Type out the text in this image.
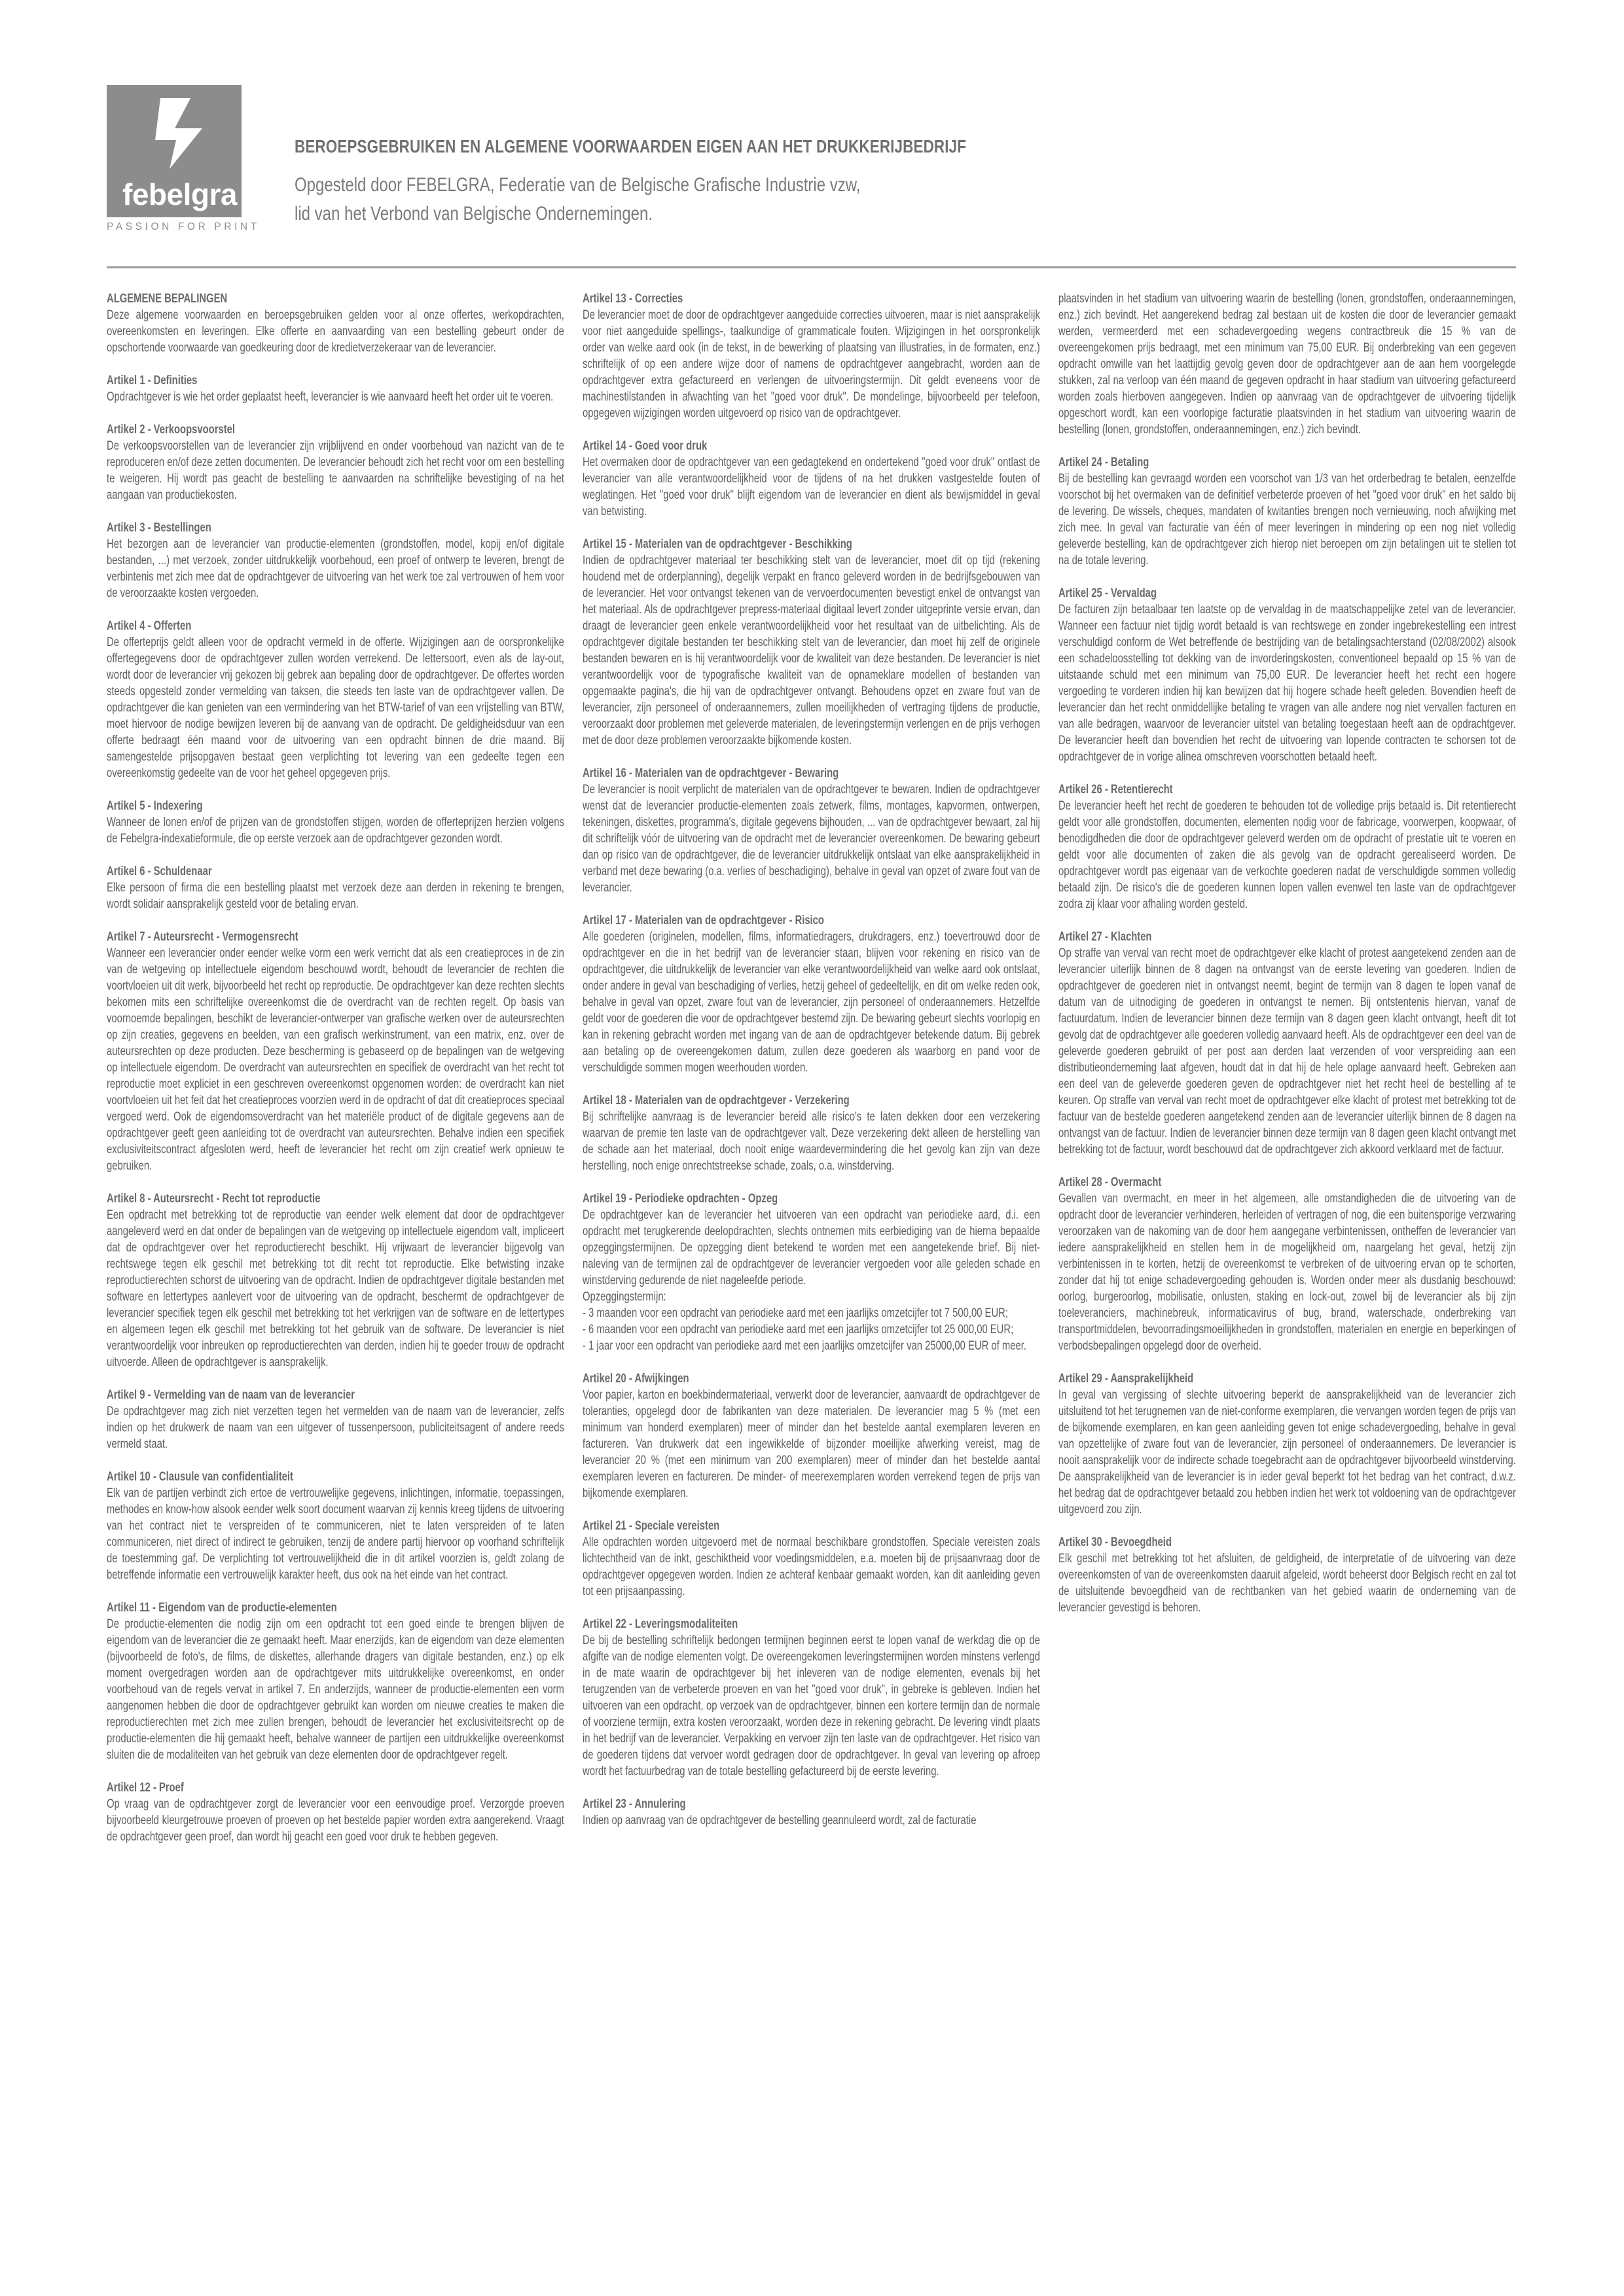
febelgra
PASSION FOR PRINT
BEROEPSGEBRUIKEN EN ALGEMENE VOORWAARDEN EIGEN AAN HET DRUKKERIJBEDRIJF
Opgesteld door FEBELGRA, Federatie van de Belgische Grafische Industrie vzw,
lid van het Verbond van Belgische Ondernemingen.
ALGEMENE BEPALINGEN

Deze algemene voorwaarden en beroepsgebruiken gelden voor al onze offertes, werkopdrachten, overeenkomsten en leveringen. Elke offerte en aanvaarding van een bestelling gebeurt onder de opschortende voorwaarde van goedkeuring door de kredietverzekeraar van de leverancier.

Artikel 1 - Definities

Opdrachtgever is wie het order geplaatst heeft, leverancier is wie aanvaard heeft het order uit te voeren.

Artikel 2 - Verkoopsvoorstel

De verkoopsvoorstellen van de leverancier zijn vrijblijvend en onder voorbehoud van nazicht van de te reproduceren en/of deze zetten documenten. De leverancier behoudt zich het recht voor om een bestelling te weigeren. Hij wordt pas geacht de bestelling te aanvaarden na schriftelijke bevestiging of na het aangaan van productiekosten.

Artikel 3 - Bestellingen

Het bezorgen aan de leverancier van productie-elementen (grondstoffen, model, kopij en/of digitale bestanden, ...) met verzoek, zonder uitdrukkelijk voorbehoud, een proef of ontwerp te leveren, brengt de verbintenis met zich mee dat de opdrachtgever de uitvoering van het werk toe zal vertrouwen of hem voor de veroorzaakte kosten vergoeden.

Artikel 4 - Offerten

De offerteprijs geldt alleen voor de opdracht vermeld in de offerte. Wijzigingen aan de oorspronkelijke offertegegevens door de opdrachtgever zullen worden verrekend. De lettersoort, even als de lay-out, wordt door de leverancier vrij gekozen bij gebrek aan bepaling door de opdrachtgever. De offertes worden steeds opgesteld zonder vermelding van taksen, die steeds ten laste van de opdrachtgever vallen. De opdrachtgever die kan genieten van een vermindering van het BTW-tarief of van een vrijstelling van BTW, moet hiervoor de nodige bewijzen leveren bij de aanvang van de opdracht. De geldigheidsduur van een offerte bedraagt één maand voor de uitvoering van een opdracht binnen de drie maand. Bij samengestelde prijsopgaven bestaat geen verplichting tot levering van een gedeelte tegen een overeenkomstig gedeelte van de voor het geheel opgegeven prijs.

Artikel 5 - Indexering

Wanneer de lonen en/of de prijzen van de grondstoffen stijgen, worden de offerteprijzen herzien volgens de Febelgra-indexatieformule, die op eerste verzoek aan de opdrachtgever gezonden wordt.

Artikel 6 - Schuldenaar

Elke persoon of firma die een bestelling plaatst met verzoek deze aan derden in rekening te brengen, wordt solidair aansprakelijk gesteld voor de betaling ervan.

Artikel 7 - Auteursrecht - Vermogensrecht

Wanneer een leverancier onder eender welke vorm een werk verricht dat als een creatieproces in de zin van de wetgeving op intellectuele eigendom beschouwd wordt, behoudt de leverancier de rechten die voortvloeien uit dit werk, bijvoorbeeld het recht op reproductie. De opdrachtgever kan deze rechten slechts bekomen mits een schriftelijke overeenkomst die de overdracht van de rechten regelt. Op basis van voornoemde bepalingen, beschikt de leverancier-ontwerper van grafische werken over de auteursrechten op zijn creaties, gegevens en beelden, van een grafisch werkinstrument, van een matrix, enz. over de auteursrechten op deze producten. Deze bescherming is gebaseerd op de bepalingen van de wetgeving op intellectuele eigendom. De overdracht van auteursrechten en specifiek de overdracht van het recht tot reproductie moet expliciet in een geschreven overeenkomst opgenomen worden: de overdracht kan niet voortvloeien uit het feit dat het creatieproces voorzien werd in de opdracht of dat dit creatieproces speciaal vergoed werd. Ook de eigendomsoverdracht van het materiële product of de digitale gegevens aan de opdrachtgever geeft geen aanleiding tot de overdracht van auteursrechten. Behalve indien een specifiek exclusiviteitscontract afgesloten werd, heeft de leverancier het recht om zijn creatief werk opnieuw te gebruiken.

Artikel 8 - Auteursrecht - Recht tot reproductie

Een opdracht met betrekking tot de reproductie van eender welk element dat door de opdrachtgever aangeleverd werd en dat onder de bepalingen van de wetgeving op intellectuele eigendom valt, impliceert dat de opdrachtgever over het reproductierecht beschikt. Hij vrijwaart de leverancier bijgevolg van rechtswege tegen elk geschil met betrekking tot dit recht tot reproductie. Elke betwisting inzake reproductierechten schorst de uitvoering van de opdracht. Indien de opdrachtgever digitale bestanden met software en lettertypes aanlevert voor de uitvoering van de opdracht, beschermt de opdrachtgever de leverancier specifiek tegen elk geschil met betrekking tot het verkrijgen van de software en de lettertypes en algemeen tegen elk geschil met betrekking tot het gebruik van de software. De leverancier is niet verantwoordelijk voor inbreuken op reproductierechten van derden, indien hij te goeder trouw de opdracht uitvoerde. Alleen de opdrachtgever is aansprakelijk.

Artikel 9 - Vermelding van de naam van de leverancier

De opdrachtgever mag zich niet verzetten tegen het vermelden van de naam van de leverancier, zelfs indien op het drukwerk de naam van een uitgever of tussenpersoon, publiciteitsagent of andere reeds vermeld staat.

Artikel 10 - Clausule van confidentialiteit

Elk van de partijen verbindt zich ertoe de vertrouwelijke gegevens, inlichtingen, informatie, toepassingen, methodes en know-how alsook eender welk soort document waarvan zij kennis kreeg tijdens de uitvoering van het contract niet te verspreiden of te communiceren, niet te laten verspreiden of te laten communiceren, niet direct of indirect te gebruiken, tenzij de andere partij hiervoor op voorhand schriftelijk de toestemming gaf. De verplichting tot vertrouwelijkheid die in dit artikel voorzien is, geldt zolang de betreffende informatie een vertrouwelijk karakter heeft, dus ook na het einde van het contract.

Artikel 11 - Eigendom van de productie-elementen

De productie-elementen die nodig zijn om een opdracht tot een goed einde te brengen blijven de eigendom van de leverancier die ze gemaakt heeft. Maar enerzijds, kan de eigendom van deze elementen (bijvoorbeeld de foto's, de films, de diskettes, allerhande dragers van digitale bestanden, enz.) op elk moment overgedragen worden aan de opdrachtgever mits uitdrukkelijke overeenkomst, en onder voorbehoud van de regels vervat in artikel 7. En anderzijds, wanneer de productie-elementen een vorm aangenomen hebben die door de opdrachtgever gebruikt kan worden om nieuwe creaties te maken die reproductierechten met zich mee zullen brengen, behoudt de leverancier het exclusiviteitsrecht op de productie-elementen die hij gemaakt heeft, behalve wanneer de partijen een uitdrukkelijke overeenkomst sluiten die de modaliteiten van het gebruik van deze elementen door de opdrachtgever regelt.

Artikel 12 - Proef

Op vraag van de opdrachtgever zorgt de leverancier voor een eenvoudige proef. Verzorgde proeven bijvoorbeeld kleurgetrouwe proeven of proeven op het bestelde papier worden extra aangerekend. Vraagt de opdrachtgever geen proef, dan wordt hij geacht een goed voor druk te hebben gegeven.

Artikel 13 - Correcties

De leverancier moet de door de opdrachtgever aangeduide correcties uitvoeren, maar is niet aansprakelijk voor niet aangeduide spellings-, taalkundige of grammaticale fouten. Wijzigingen in het oorspronkelijk order van welke aard ook (in de tekst, in de bewerking of plaatsing van illustraties, in de formaten, enz.) schriftelijk of op een andere wijze door of namens de opdrachtgever aangebracht, worden aan de opdrachtgever extra gefactureerd en verlengen de uitvoeringstermijn. Dit geldt eveneens voor de machinestilstanden in afwachting van het "goed voor druk". De mondelinge, bijvoorbeeld per telefoon, opgegeven wijzigingen worden uitgevoerd op risico van de opdrachtgever.

Artikel 14 - Goed voor druk

Het overmaken door de opdrachtgever van een gedagtekend en ondertekend "goed voor druk" ontlast de leverancier van alle verantwoordelijkheid voor de tijdens of na het drukken vastgestelde fouten of weglatingen. Het "goed voor druk" blijft eigendom van de leverancier en dient als bewijsmiddel in geval van betwisting.

Artikel 15 - Materialen van de opdrachtgever - Beschikking

Indien de opdrachtgever materiaal ter beschikking stelt van de leverancier, moet dit op tijd (rekening houdend met de orderplanning), degelijk verpakt en franco geleverd worden in de bedrijfsgebouwen van de leverancier. Het voor ontvangst tekenen van de vervoerdocumenten bevestigt enkel de ontvangst van het materiaal. Als de opdrachtgever prepress-materiaal digitaal levert zonder uitgeprinte versie ervan, dan draagt de leverancier geen enkele verantwoordelijkheid voor het resultaat van de uitbelichting. Als de opdrachtgever digitale bestanden ter beschikking stelt van de leverancier, dan moet hij zelf de originele bestanden bewaren en is hij verantwoordelijk voor de kwaliteit van deze bestanden. De leverancier is niet verantwoordelijk voor de typografische kwaliteit van de opnameklare modellen of bestanden van opgemaakte pagina's, die hij van de opdrachtgever ontvangt. Behoudens opzet en zware fout van de leverancier, zijn personeel of onderaannemers, zullen moeilijkheden of vertraging tijdens de productie, veroorzaakt door problemen met geleverde materialen, de leveringstermijn verlengen en de prijs verhogen met de door deze problemen veroorzaakte bijkomende kosten.

Artikel 16 - Materialen van de opdrachtgever - Bewaring

De leverancier is nooit verplicht de materialen van de opdrachtgever te bewaren. Indien de opdrachtgever wenst dat de leverancier productie-elementen zoals zetwerk, films, montages, kapvormen, ontwerpen, tekeningen, diskettes, programma's, digitale gegevens bijhouden, ... van de opdrachtgever bewaart, zal hij dit schriftelijk vóór de uitvoering van de opdracht met de leverancier overeenkomen. De bewaring gebeurt dan op risico van de opdrachtgever, die de leverancier uitdrukkelijk ontslaat van elke aansprakelijkheid in verband met deze bewaring (o.a. verlies of beschadiging), behalve in geval van opzet of zware fout van de leverancier.

Artikel 17 - Materialen van de opdrachtgever - Risico

Alle goederen (originelen, modellen, films, informatiedragers, drukdragers, enz.) toevertrouwd door de opdrachtgever en die in het bedrijf van de leverancier staan, blijven voor rekening en risico van de opdrachtgever, die uitdrukkelijk de leverancier van elke verantwoordelijkheid van welke aard ook ontslaat, onder andere in geval van beschadiging of verlies, hetzij geheel of gedeeltelijk, en dit om welke reden ook, behalve in geval van opzet, zware fout van de leverancier, zijn personeel of onderaannemers. Hetzelfde geldt voor de goederen die voor de opdrachtgever bestemd zijn. De bewaring gebeurt slechts voorlopig en kan in rekening gebracht worden met ingang van de aan de opdrachtgever betekende datum. Bij gebrek aan betaling op de overeengekomen datum, zullen deze goederen als waarborg en pand voor de verschuldigde sommen mogen weerhouden worden.

Artikel 18 - Materialen van de opdrachtgever - Verzekering

Bij schriftelijke aanvraag is de leverancier bereid alle risico's te laten dekken door een verzekering waarvan de premie ten laste van de opdrachtgever valt. Deze verzekering dekt alleen de herstelling van de schade aan het materiaal, doch nooit enige waardevermindering die het gevolg kan zijn van deze herstelling, noch enige onrechtstreekse schade, zoals, o.a. winstderving.

Artikel 19 - Periodieke opdrachten - Opzeg

De opdrachtgever kan de leverancier het uitvoeren van een opdracht van periodieke aard, d.i. een opdracht met terugkerende deelopdrachten, slechts ontnemen mits eerbiediging van de hierna bepaalde opzeggingstermijnen. De opzegging dient betekend te worden met een aangetekende brief. Bij niet-naleving van de termijnen zal de opdrachtgever de leverancier vergoeden voor alle geleden schade en winstderving gedurende de niet nageleefde periode.

Opzeggingstermijn:

- 3 maanden voor een opdracht van periodieke aard met een jaarlijks omzetcijfer tot 7 500,00 EUR;

- 6 maanden voor een opdracht van periodieke aard met een jaarlijks omzetcijfer tot 25 000,00 EUR;

- 1 jaar voor een opdracht van periodieke aard met een jaarlijks omzetcijfer van 25000,00 EUR of meer.

Artikel 20 - Afwijkingen

Voor papier, karton en boekbindermateriaal, verwerkt door de leverancier, aanvaardt de opdrachtgever de toleranties, opgelegd door de fabrikanten van deze materialen. De leverancier mag 5 % (met een minimum van honderd exemplaren) meer of minder dan het bestelde aantal exemplaren leveren en factureren. Van drukwerk dat een ingewikkelde of bijzonder moeilijke afwerking vereist, mag de leverancier 20 % (met een minimum van 200 exemplaren) meer of minder dan het bestelde aantal exemplaren leveren en factureren. De minder- of meerexemplaren worden verrekend tegen de prijs van bijkomende exemplaren.

Artikel 21 - Speciale vereisten

Alle opdrachten worden uitgevoerd met de normaal beschikbare grondstoffen. Speciale vereisten zoals lichtechtheid van de inkt, geschiktheid voor voedingsmiddelen, e.a. moeten bij de prijsaanvraag door de opdrachtgever opgegeven worden. Indien ze achteraf kenbaar gemaakt worden, kan dit aanleiding geven tot een prijsaanpassing.

Artikel 22 - Leveringsmodaliteiten

De bij de bestelling schriftelijk bedongen termijnen beginnen eerst te lopen vanaf de werkdag die op de afgifte van de nodige elementen volgt. De overeengekomen leveringstermijnen worden minstens verlengd in de mate waarin de opdrachtgever bij het inleveren van de nodige elementen, evenals bij het terugzenden van de verbeterde proeven en van het "goed voor druk", in gebreke is gebleven. Indien het uitvoeren van een opdracht, op verzoek van de opdrachtgever, binnen een kortere termijn dan de normale of voorziene termijn, extra kosten veroorzaakt, worden deze in rekening gebracht. De levering vindt plaats in het bedrijf van de leverancier. Verpakking en vervoer zijn ten laste van de opdrachtgever. Het risico van de goederen tijdens dat vervoer wordt gedragen door de opdrachtgever. In geval van levering op afroep wordt het factuurbedrag van de totale bestelling gefactureerd bij de eerste levering.

Artikel 23 - Annulering

Indien op aanvraag van de opdrachtgever de bestelling geannuleerd wordt, zal de facturatie

plaatsvinden in het stadium van uitvoering waarin de bestelling (lonen, grondstoffen, onderaannemingen, enz.) zich bevindt. Het aangerekend bedrag zal bestaan uit de kosten die door de leverancier gemaakt werden, vermeerderd met een schadevergoeding wegens contractbreuk die 15 % van de overeengekomen prijs bedraagt, met een minimum van 75,00 EUR. Bij onderbreking van een gegeven opdracht omwille van het laattijdig gevolg geven door de opdrachtgever aan de aan hem voorgelegde stukken, zal na verloop van één maand de gegeven opdracht in haar stadium van uitvoering gefactureerd worden zoals hierboven aangegeven. Indien op aanvraag van de opdrachtgever de uitvoering tijdelijk opgeschort wordt, kan een voorlopige facturatie plaatsvinden in het stadium van uitvoering waarin de bestelling (lonen, grondstoffen, onderaannemingen, enz.) zich bevindt.

Artikel 24 - Betaling

Bij de bestelling kan gevraagd worden een voorschot van 1/3 van het orderbedrag te betalen, eenzelfde voorschot bij het overmaken van de definitief verbeterde proeven of het "goed voor druk" en het saldo bij de levering. De wissels, cheques, mandaten of kwitanties brengen noch vernieuwing, noch afwijking met zich mee. In geval van facturatie van één of meer leveringen in mindering op een nog niet volledig geleverde bestelling, kan de opdrachtgever zich hierop niet beroepen om zijn betalingen uit te stellen tot na de totale levering.

Artikel 25 - Vervaldag

De facturen zijn betaalbaar ten laatste op de vervaldag in de maatschappelijke zetel van de leverancier. Wanneer een factuur niet tijdig wordt betaald is van rechtswege en zonder ingebrekestelling een intrest verschuldigd conform de Wet betreffende de bestrijding van de betalingsachterstand (02/08/2002) alsook een schadeloosstelling tot dekking van de invorderingskosten, conventioneel bepaald op 15 % van de uitstaande schuld met een minimum van 75,00 EUR. De leverancier heeft het recht een hogere vergoeding te vorderen indien hij kan bewijzen dat hij hogere schade heeft geleden. Bovendien heeft de leverancier dan het recht onmiddellijke betaling te vragen van alle andere nog niet vervallen facturen en van alle bedragen, waarvoor de leverancier uitstel van betaling toegestaan heeft aan de opdrachtgever. De leverancier heeft dan bovendien het recht de uitvoering van lopende contracten te schorsen tot de opdrachtgever de in vorige alinea omschreven voorschotten betaald heeft.

Artikel 26 - Retentierecht

De leverancier heeft het recht de goederen te behouden tot de volledige prijs betaald is. Dit retentierecht geldt voor alle grondstoffen, documenten, elementen nodig voor de fabricage, voorwerpen, koopwaar, of benodigdheden die door de opdrachtgever geleverd werden om de opdracht of prestatie uit te voeren en geldt voor alle documenten of zaken die als gevolg van de opdracht gerealiseerd worden. De opdrachtgever wordt pas eigenaar van de verkochte goederen nadat de verschuldigde sommen volledig betaald zijn. De risico's die de goederen kunnen lopen vallen evenwel ten laste van de opdrachtgever zodra zij klaar voor afhaling worden gesteld.

Artikel 27 - Klachten

Op straffe van verval van recht moet de opdrachtgever elke klacht of protest aangetekend zenden aan de leverancier uiterlijk binnen de 8 dagen na ontvangst van de eerste levering van goederen. Indien de opdrachtgever de goederen niet in ontvangst neemt, begint de termijn van 8 dagen te lopen vanaf de datum van de uitnodiging de goederen in ontvangst te nemen. Bij ontstentenis hiervan, vanaf de factuurdatum. Indien de leverancier binnen deze termijn van 8 dagen geen klacht ontvangt, heeft dit tot gevolg dat de opdrachtgever alle goederen volledig aanvaard heeft. Als de opdrachtgever een deel van de geleverde goederen gebruikt of per post aan derden laat verzenden of voor verspreiding aan een distributieonderneming laat afgeven, houdt dat in dat hij de hele oplage aanvaard heeft. Gebreken aan een deel van de geleverde goederen geven de opdrachtgever niet het recht heel de bestelling af te keuren. Op straffe van verval van recht moet de opdrachtgever elke klacht of protest met betrekking tot de factuur van de bestelde goederen aangetekend zenden aan de leverancier uiterlijk binnen de 8 dagen na ontvangst van de factuur. Indien de leverancier binnen deze termijn van 8 dagen geen klacht ontvangt met betrekking tot de factuur, wordt beschouwd dat de opdrachtgever zich akkoord verklaard met de factuur.

Artikel 28 - Overmacht

Gevallen van overmacht, en meer in het algemeen, alle omstandigheden die de uitvoering van de opdracht door de leverancier verhinderen, herleiden of vertragen of nog, die een buitensporige verzwaring veroorzaken van de nakoming van de door hem aangegane verbintenissen, ontheffen de leverancier van iedere aansprakelijkheid en stellen hem in de mogelijkheid om, naargelang het geval, hetzij zijn verbintenissen in te korten, hetzij de overeenkomst te verbreken of de uitvoering ervan op te schorten, zonder dat hij tot enige schadevergoeding gehouden is. Worden onder meer als dusdanig beschouwd: oorlog, burgeroorlog, mobilisatie, onlusten, staking en lock-out, zowel bij de leverancier als bij zijn toeleveranciers, machinebreuk, informaticavirus of bug, brand, waterschade, onderbreking van transportmiddelen, bevoorradingsmoeilijkheden in grondstoffen, materialen en energie en beperkingen of verbodsbepalingen opgelegd door de overheid.

Artikel 29 - Aansprakelijkheid

In geval van vergissing of slechte uitvoering beperkt de aansprakelijkheid van de leverancier zich uitsluitend tot het terugnemen van de niet-conforme exemplaren, die vervangen worden tegen de prijs van de bijkomende exemplaren, en kan geen aanleiding geven tot enige schadevergoeding, behalve in geval van opzettelijke of zware fout van de leverancier, zijn personeel of onderaannemers. De leverancier is nooit aansprakelijk voor de indirecte schade toegebracht aan de opdrachtgever bijvoorbeeld winstderving. De aansprakelijkheid van de leverancier is in ieder geval beperkt tot het bedrag van het contract, d.w.z. het bedrag dat de opdrachtgever betaald zou hebben indien het werk tot voldoening van de opdrachtgever uitgevoerd zou zijn.

Artikel 30 - Bevoegdheid

Elk geschil met betrekking tot het afsluiten, de geldigheid, de interpretatie of de uitvoering van deze overeenkomsten of van de overeenkomsten daaruit afgeleid, wordt beheerst door Belgisch recht en zal tot de uitsluitende bevoegdheid van de rechtbanken van het gebied waarin de onderneming van de leverancier gevestigd is behoren.
